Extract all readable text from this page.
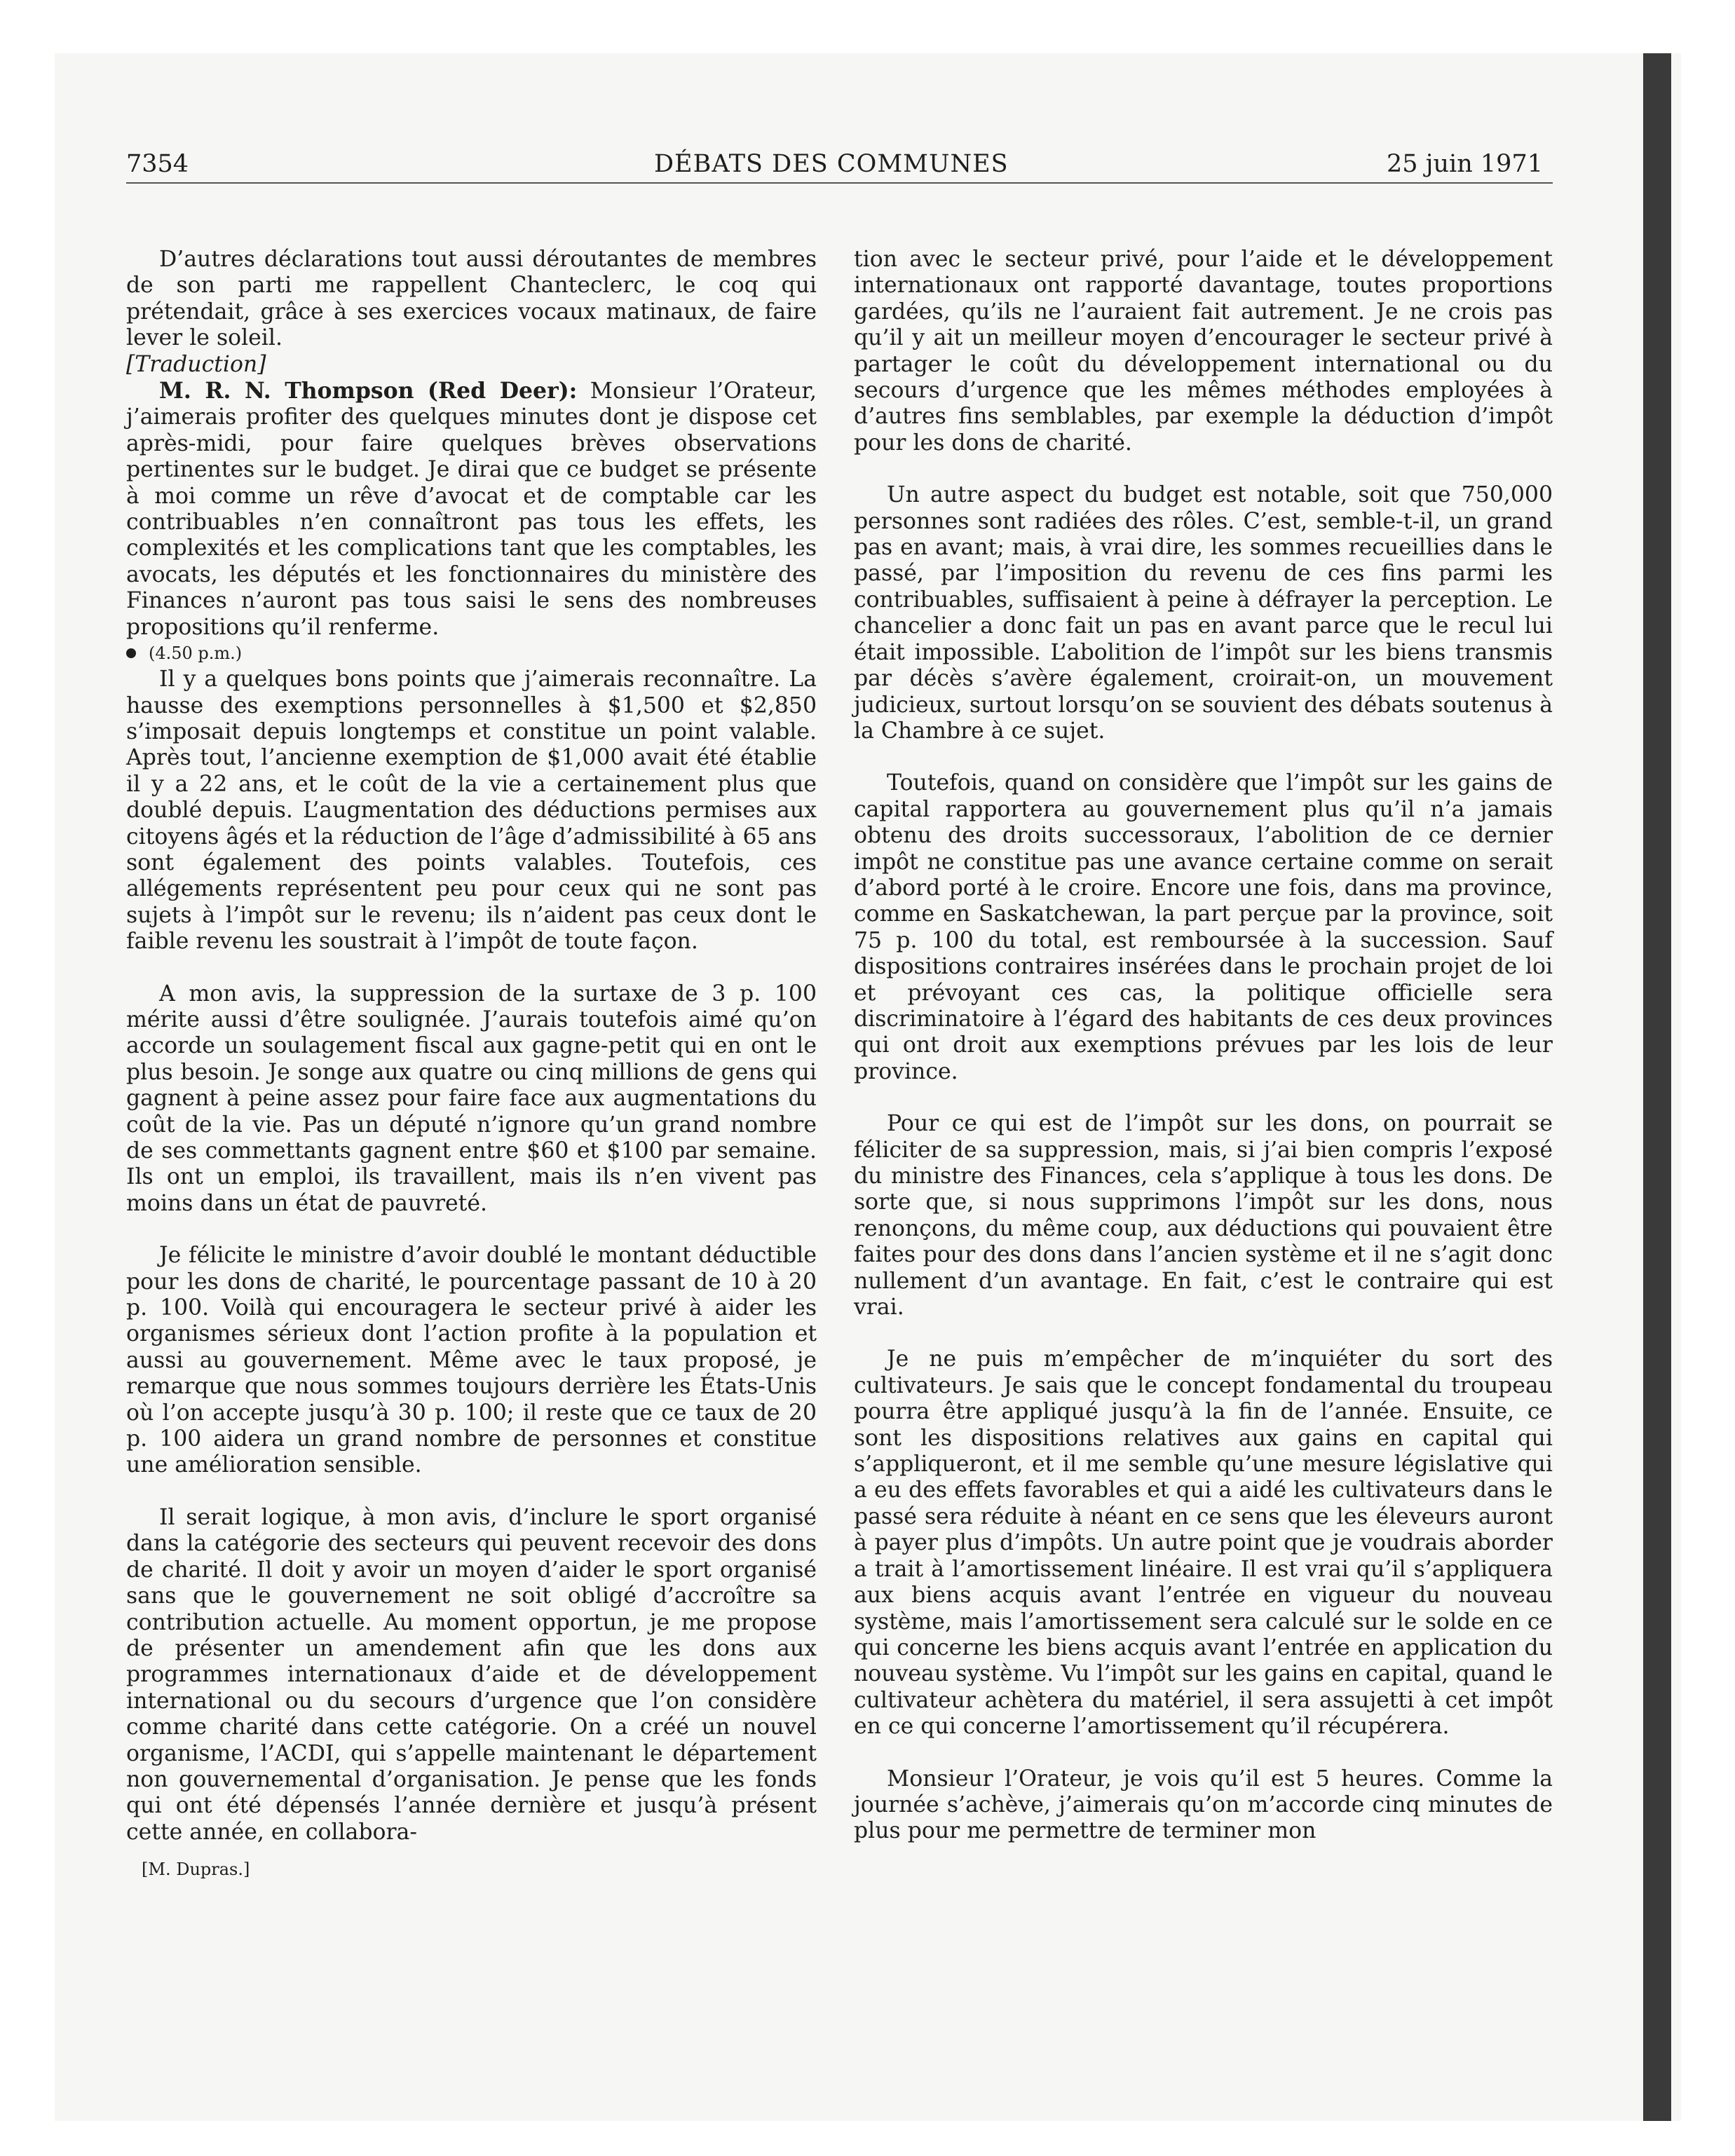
7354	DÉBATS DES COMMUNES	25 juin 1971

D’autres déclarations tout aussi déroutantes de membres de son parti me rappellent Chanteclerc, le coq qui prétendait, grâce à ses exercices vocaux matinaux, de faire lever le soleil.

[Traduction]

M. R. N. Thompson (Red Deer): Monsieur l’Orateur, j’aimerais profiter des quelques minutes dont je dispose cet après-midi, pour faire quelques brèves observations pertinentes sur le budget. Je dirai que ce budget se présente à moi comme un rêve d’avocat et de comptable car les contribuables n’en connaîtront pas tous les effets, les complexités et les complications tant que les comptables, les avocats, les députés et les fonctionnaires du ministère des Finances n’auront pas tous saisi le sens des nombreuses propositions qu’il renferme.

(4.50 p.m.)

Il y a quelques bons points que j’aimerais reconnaître. La hausse des exemptions personnelles à $1,500 et $2,850 s’imposait depuis longtemps et constitue un point valable. Après tout, l’ancienne exemption de $1,000 avait été établie il y a 22 ans, et le coût de la vie a certainement plus que doublé depuis. L’augmentation des déductions permises aux citoyens âgés et la réduction de l’âge d’admissibilité à 65 ans sont également des points valables. Toutefois, ces allégements représentent peu pour ceux qui ne sont pas sujets à l’impôt sur le revenu; ils n’aident pas ceux dont le faible revenu les soustrait à l’impôt de toute façon.

A mon avis, la suppression de la surtaxe de 3 p. 100 mérite aussi d’être soulignée. J’aurais toutefois aimé qu’on accorde un soulagement fiscal aux gagne-petit qui en ont le plus besoin. Je songe aux quatre ou cinq millions de gens qui gagnent à peine assez pour faire face aux augmentations du coût de la vie. Pas un député n’ignore qu’un grand nombre de ses commettants gagnent entre $60 et $100 par semaine. Ils ont un emploi, ils travaillent, mais ils n’en vivent pas moins dans un état de pauvreté.

Je félicite le ministre d’avoir doublé le montant déductible pour les dons de charité, le pourcentage passant de 10 à 20 p. 100. Voilà qui encouragera le secteur privé à aider les organismes sérieux dont l’action profite à la population et aussi au gouvernement. Même avec le taux proposé, je remarque que nous sommes toujours derrière les États-Unis où l’on accepte jusqu’à 30 p. 100; il reste que ce taux de 20 p. 100 aidera un grand nombre de personnes et constitue une amélioration sensible.

Il serait logique, à mon avis, d’inclure le sport organisé dans la catégorie des secteurs qui peuvent recevoir des dons de charité. Il doit y avoir un moyen d’aider le sport organisé sans que le gouvernement ne soit obligé d’accroître sa contribution actuelle. Au moment opportun, je me propose de présenter un amendement afin que les dons aux programmes internationaux d’aide et de développement international ou du secours d’urgence que l’on considère comme charité dans cette catégorie. On a créé un nouvel organisme, l’ACDI, qui s’appelle maintenant le département non gouvernemental d’organisation. Je pense que les fonds qui ont été dépensés l’année dernière et jusqu’à présent cette année, en collabora-

[M. Dupras.]

tion avec le secteur privé, pour l’aide et le développement internationaux ont rapporté davantage, toutes proportions gardées, qu’ils ne l’auraient fait autrement. Je ne crois pas qu’il y ait un meilleur moyen d’encourager le secteur privé à partager le coût du développement international ou du secours d’urgence que les mêmes méthodes employées à d’autres fins semblables, par exemple la déduction d’impôt pour les dons de charité.

Un autre aspect du budget est notable, soit que 750,000 personnes sont radiées des rôles. C’est, semble-t-il, un grand pas en avant; mais, à vrai dire, les sommes recueillies dans le passé, par l’imposition du revenu de ces fins parmi les contribuables, suffisaient à peine à défrayer la perception. Le chancelier a donc fait un pas en avant parce que le recul lui était impossible. L’abolition de l’impôt sur les biens transmis par décès s’avère également, croirait-on, un mouvement judicieux, surtout lorsqu’on se souvient des débats soutenus à la Chambre à ce sujet.

Toutefois, quand on considère que l’impôt sur les gains de capital rapportera au gouvernement plus qu’il n’a jamais obtenu des droits successoraux, l’abolition de ce dernier impôt ne constitue pas une avance certaine comme on serait d’abord porté à le croire. Encore une fois, dans ma province, comme en Saskatchewan, la part perçue par la province, soit 75 p. 100 du total, est remboursée à la succession. Sauf dispositions contraires insérées dans le prochain projet de loi et prévoyant ces cas, la politique officielle sera discriminatoire à l’égard des habitants de ces deux provinces qui ont droit aux exemptions prévues par les lois de leur province.

Pour ce qui est de l’impôt sur les dons, on pourrait se féliciter de sa suppression, mais, si j’ai bien compris l’exposé du ministre des Finances, cela s’applique à tous les dons. De sorte que, si nous supprimons l’impôt sur les dons, nous renonçons, du même coup, aux déductions qui pouvaient être faites pour des dons dans l’ancien système et il ne s’agit donc nullement d’un avantage. En fait, c’est le contraire qui est vrai.

Je ne puis m’empêcher de m’inquiéter du sort des cultivateurs. Je sais que le concept fondamental du troupeau pourra être appliqué jusqu’à la fin de l’année. Ensuite, ce sont les dispositions relatives aux gains en capital qui s’appliqueront, et il me semble qu’une mesure législative qui a eu des effets favorables et qui a aidé les cultivateurs dans le passé sera réduite à néant en ce sens que les éleveurs auront à payer plus d’impôts. Un autre point que je voudrais aborder a trait à l’amortissement linéaire. Il est vrai qu’il s’appliquera aux biens acquis avant l’entrée en vigueur du nouveau système, mais l’amortissement sera calculé sur le solde en ce qui concerne les biens acquis avant l’entrée en application du nouveau système. Vu l’impôt sur les gains en capital, quand le cultivateur achètera du matériel, il sera assujetti à cet impôt en ce qui concerne l’amortissement qu’il récupérera.

Monsieur l’Orateur, je vois qu’il est 5 heures. Comme la journée s’achève, j’aimerais qu’on m’accorde cinq minutes de plus pour me permettre de terminer mon
